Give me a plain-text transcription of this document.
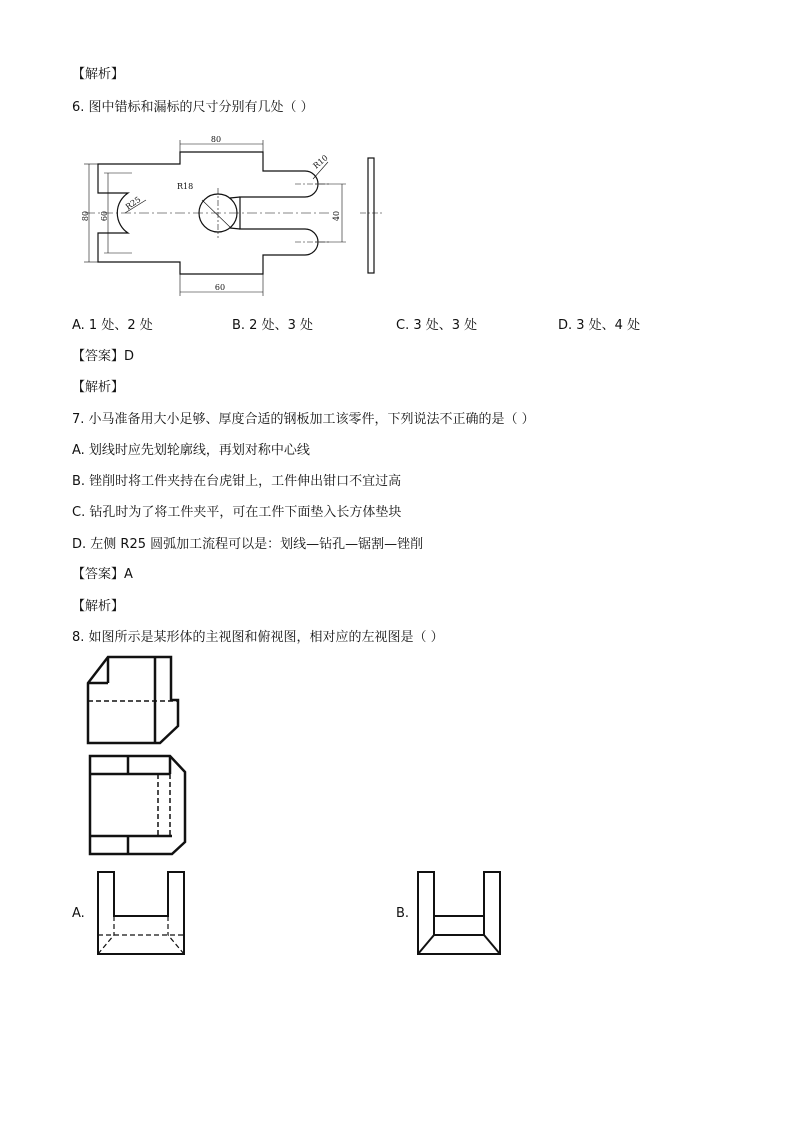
【解析】
6. 图中错标和漏标的尺寸分别有几处（ ）
80
60
80 60	40
R25
R18
R10
A. 1 处、2 处	B. 2 处、3 处	C. 3 处、3 处	D. 3 处、4 处
【答案】D
【解析】
7. 小马准备用大小足够、厚度合适的钢板加工该零件，下列说法不正确的是（ ）
A. 划线时应先划轮廓线，再划对称中心线
B. 锉削时将工件夹持在台虎钳上，工件伸出钳口不宜过高
C. 钻孔时为了将工件夹平，可在工件下面垫入长方体垫块
D. 左侧 R25 圆弧加工流程可以是：划线—钻孔—锯割—锉削
【答案】A
【解析】
8. 如图所示是某形体的主视图和俯视图，相对应的左视图是（ ）
A.	B.
